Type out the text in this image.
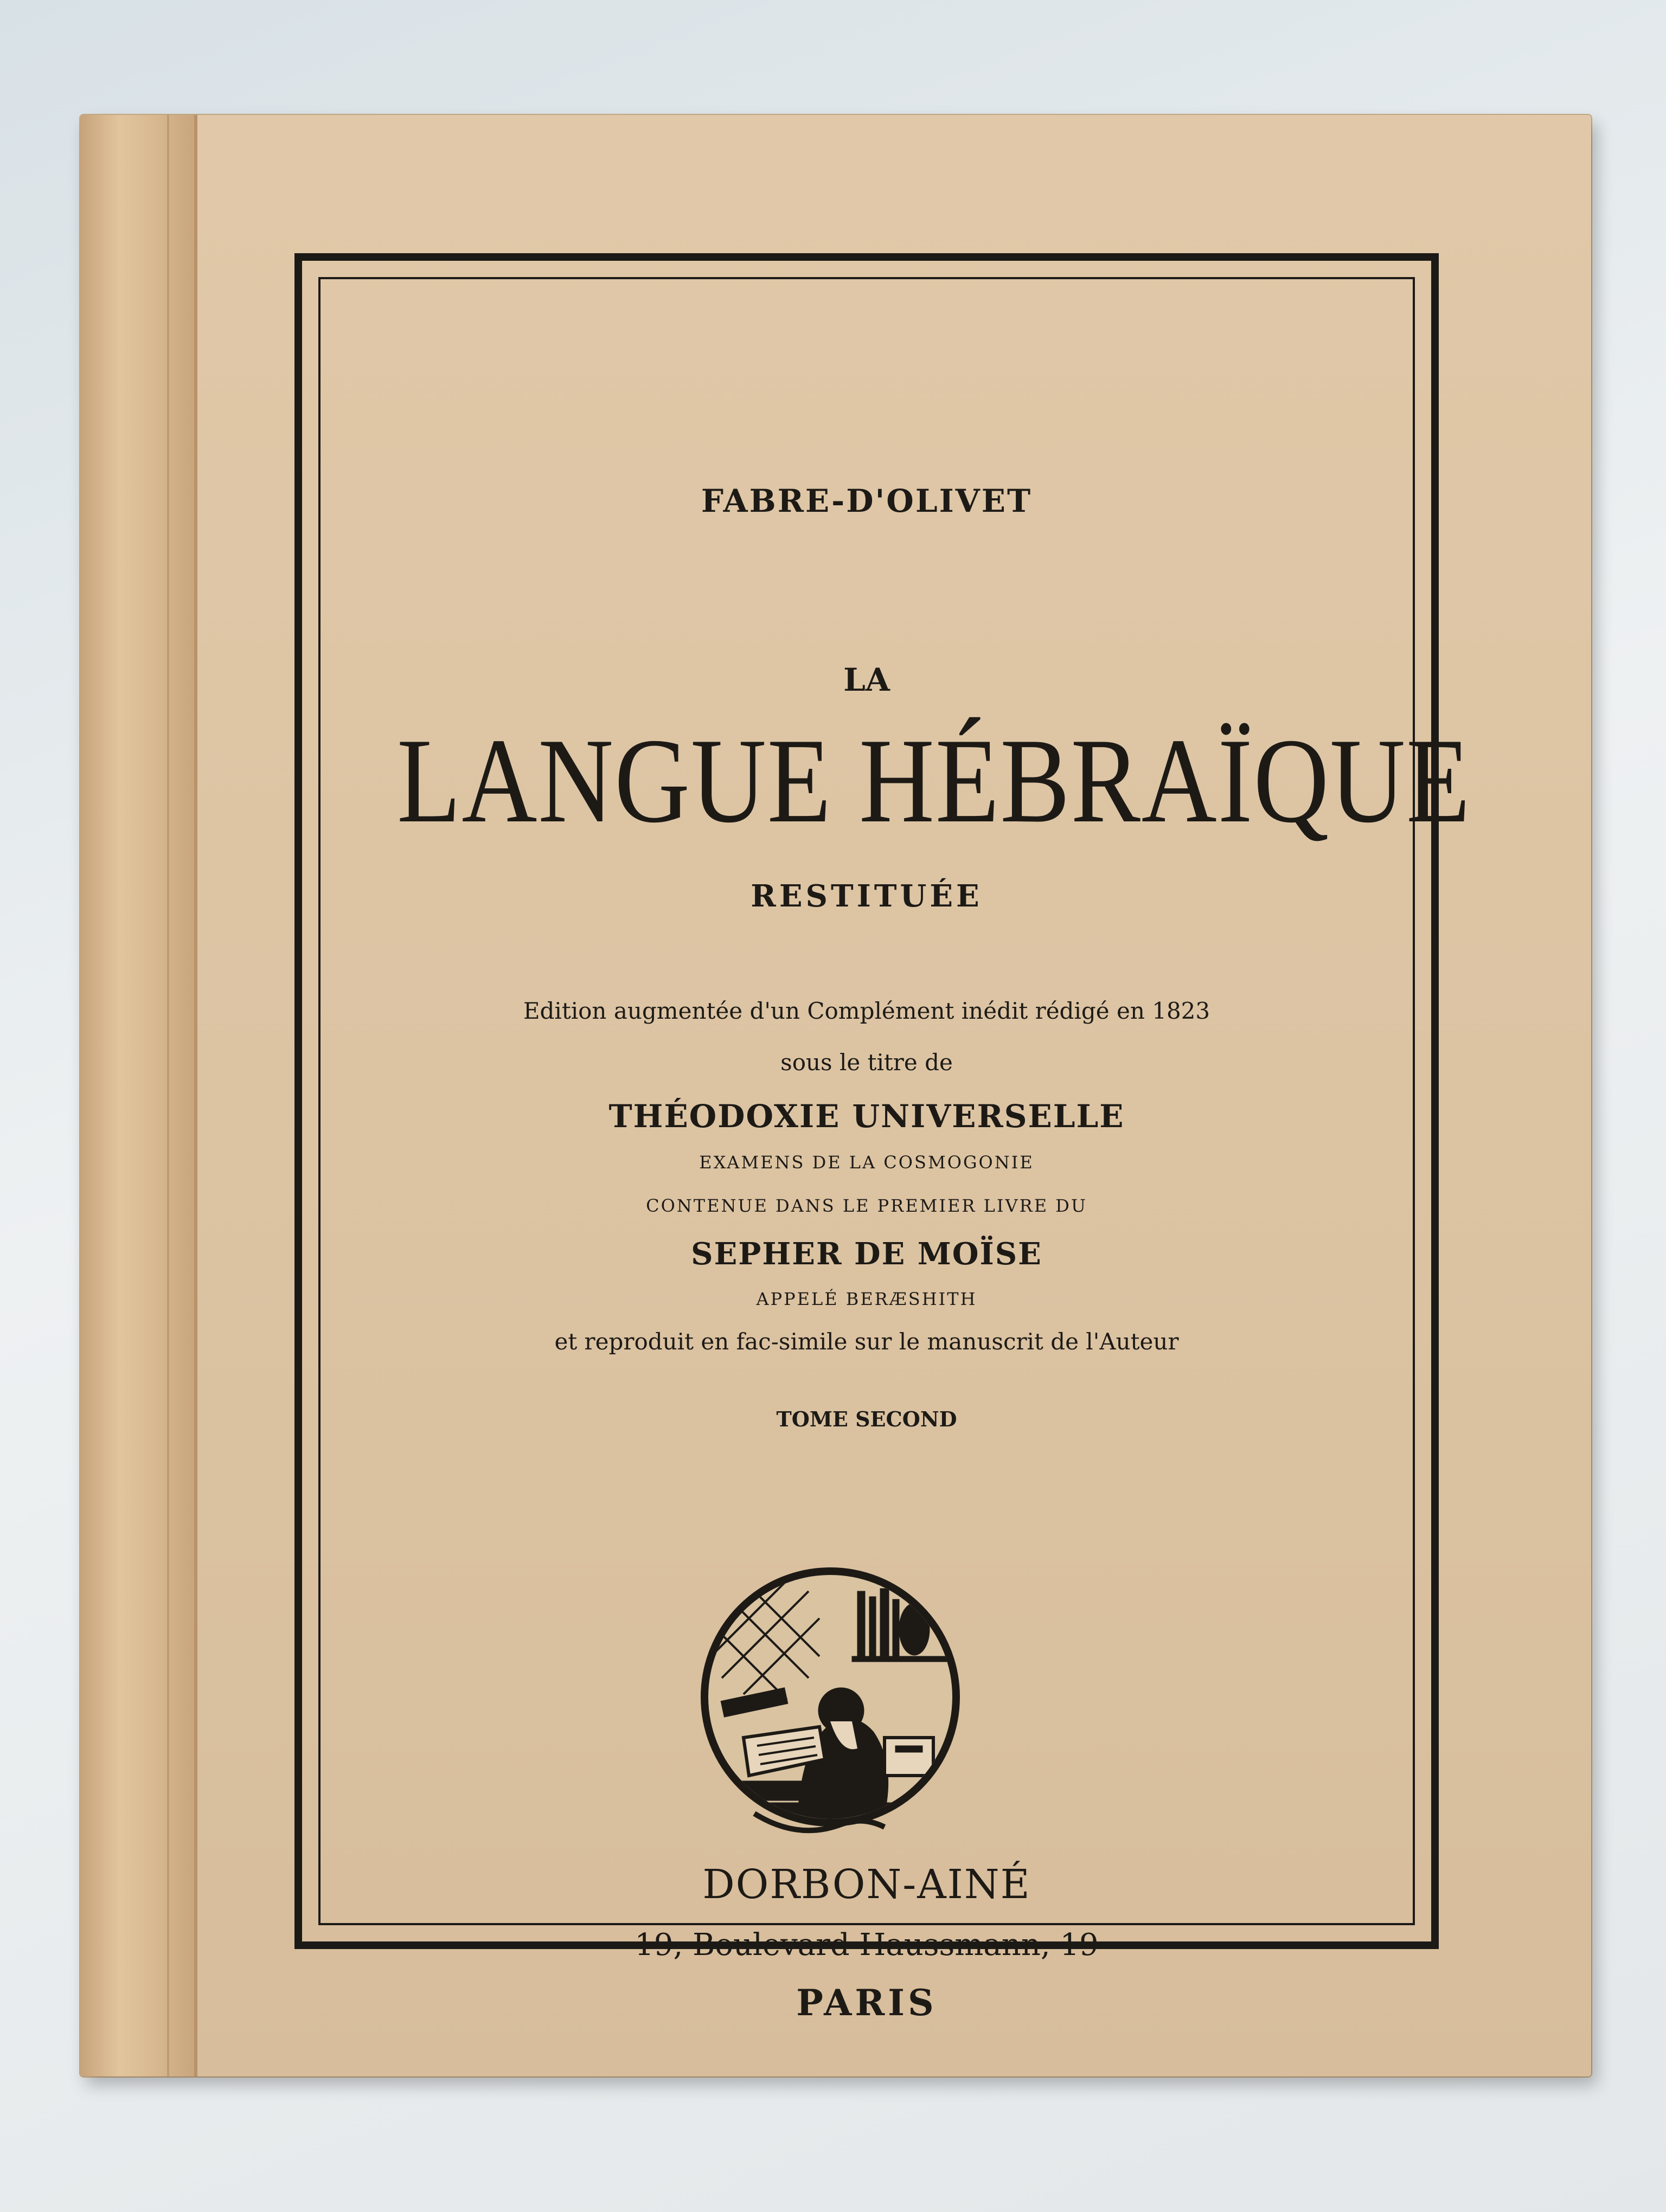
FABRE-D'OLIVET
LA
LANGUE HÉBRAÏQUE
RESTITUÉE
Edition augmentée d'un Complément inédit rédigé en 1823
sous le titre de
THÉODOXIE UNIVERSELLE
EXAMENS DE LA COSMOGONIE
CONTENUE DANS LE PREMIER LIVRE DU
SEPHER DE MOÏSE
APPELÉ BERÆSHITH
et reproduit en fac-simile sur le manuscrit de l'Auteur
TOME SECOND
DORBON-AINÉ
19, Boulevard Haussmann, 19
PARIS
